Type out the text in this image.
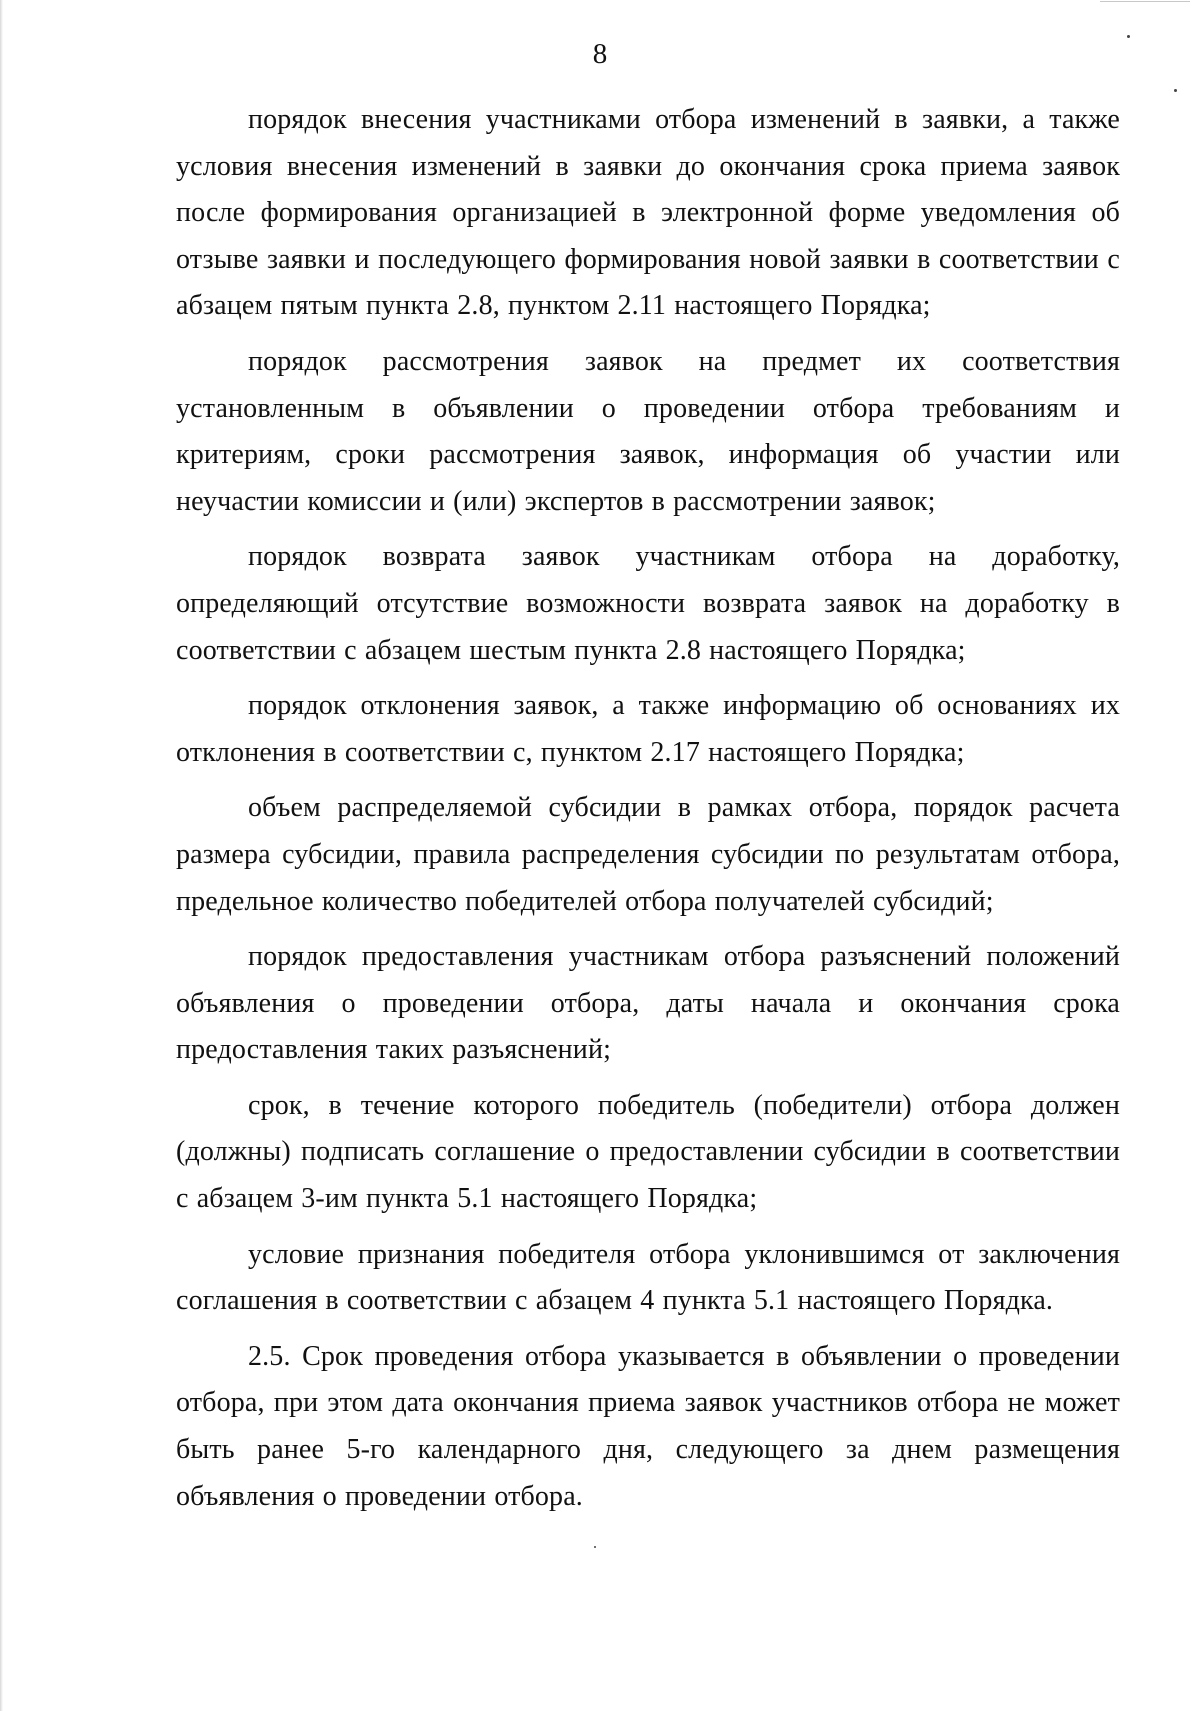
8

порядок внесения участниками отбора изменений в заявки, а также условия внесения изменений в заявки до окончания срока приема заявок после формирования организацией в электронной форме уведомления об отзыве заявки и последующего формирования новой заявки в соответствии с абзацем пятым пункта 2.8, пунктом 2.11 настоящего Порядка;

порядок рассмотрения заявок на предмет их соответствия установленным в объявлении о проведении отбора требованиям и критериям, сроки рассмотрения заявок, информация об участии или неучастии комиссии и (или) экспертов в рассмотрении заявок;

порядок возврата заявок участникам отбора на доработку, определяющий отсутствие возможности возврата заявок на доработку в соответствии с абзацем шестым пункта 2.8 настоящего Порядка;

порядок отклонения заявок, а также информацию об основаниях их отклонения в соответствии с, пунктом 2.17 настоящего Порядка;

объем распределяемой субсидии в рамках отбора, порядок расчета размера субсидии, правила распределения субсидии по результатам отбора, предельное количество победителей отбора получателей субсидий;

порядок предоставления участникам отбора разъяснений положений объявления о проведении отбора, даты начала и окончания срока предоставления таких разъяснений;

срок, в течение которого победитель (победители) отбора должен (должны) подписать соглашение о предоставлении субсидии в соответствии с абзацем 3-им пункта 5.1 настоящего Порядка;

условие признания победителя отбора уклонившимся от заключения соглашения в соответствии с абзацем 4 пункта 5.1 настоящего Порядка.

2.5. Срок проведения отбора указывается в объявлении о проведении отбора, при этом дата окончания приема заявок участников отбора не может быть ранее 5-го календарного дня, следующего за днем размещения объявления о проведении отбора.
